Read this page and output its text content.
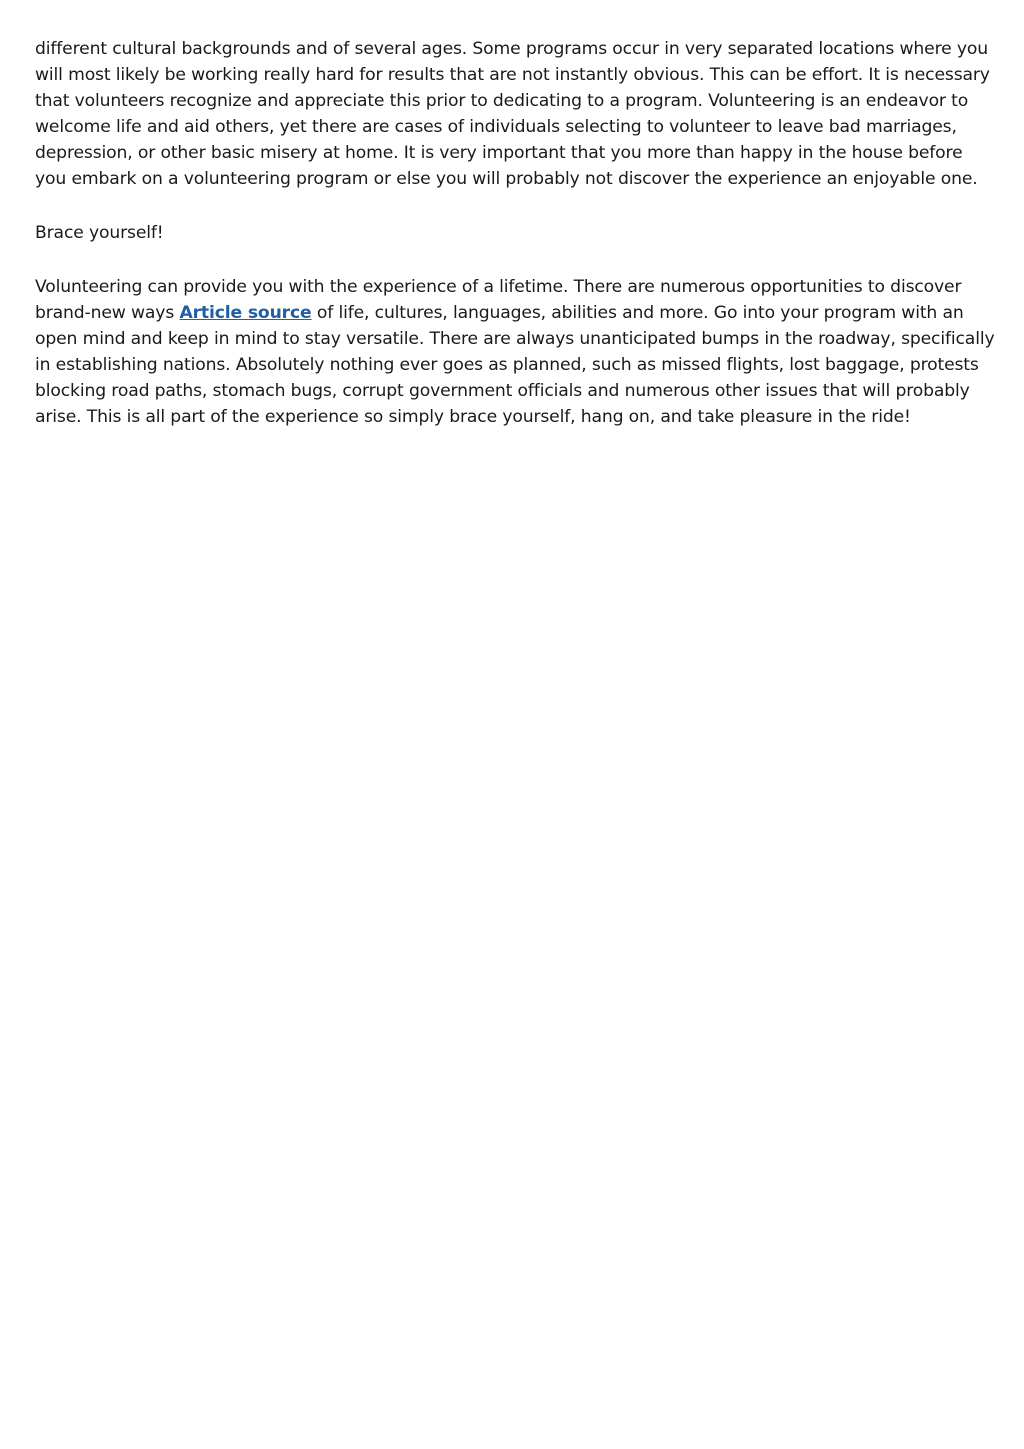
different cultural backgrounds and of several ages. Some programs occur in very separated locations where you will most likely be working really hard for results that are not instantly obvious. This can be effort. It is necessary that volunteers recognize and appreciate this prior to dedicating to a program. Volunteering is an endeavor to welcome life and aid others, yet there are cases of individuals selecting to volunteer to leave bad marriages, depression, or other basic misery at home. It is very important that you more than happy in the house before you embark on a volunteering program or else you will probably not discover the experience an enjoyable one.

Brace yourself!

Volunteering can provide you with the experience of a lifetime. There are numerous opportunities to discover brand-new ways Article source of life, cultures, languages, abilities and more. Go into your program with an open mind and keep in mind to stay versatile. There are always unanticipated bumps in the roadway, specifically in establishing nations. Absolutely nothing ever goes as planned, such as missed flights, lost baggage, protests blocking road paths, stomach bugs, corrupt government officials and numerous other issues that will probably arise. This is all part of the experience so simply brace yourself, hang on, and take pleasure in the ride!
